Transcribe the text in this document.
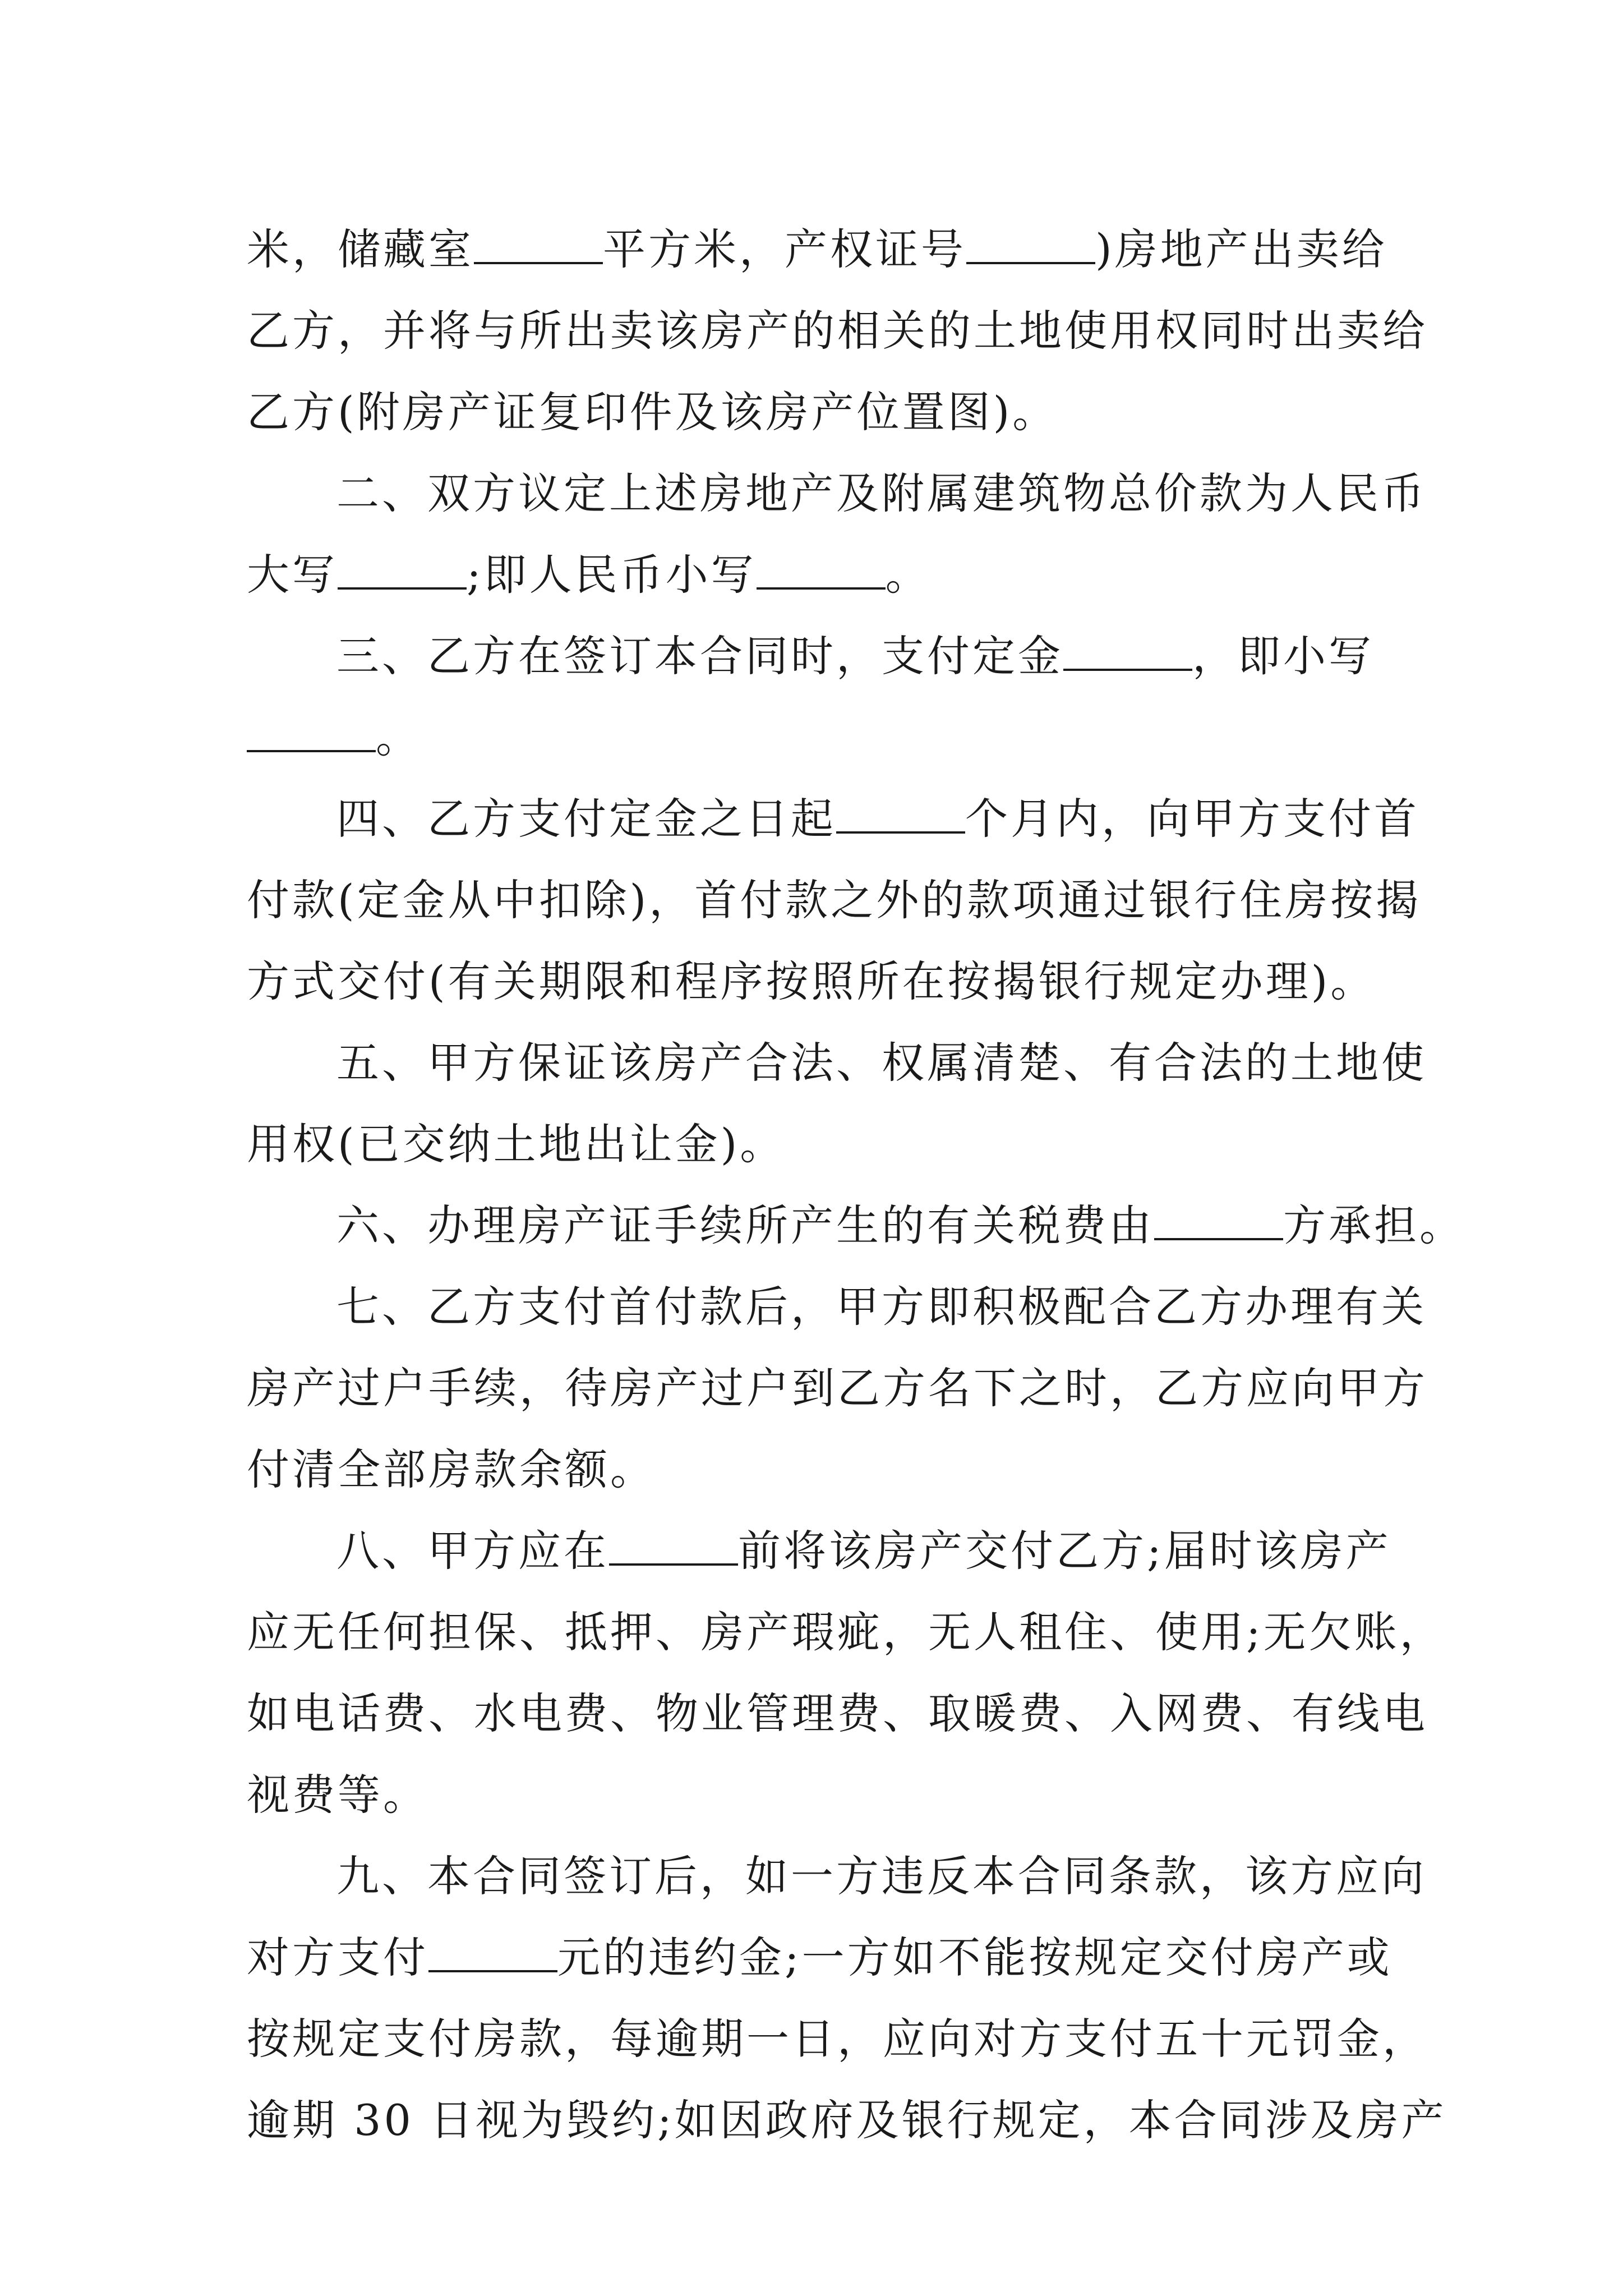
米，储藏室	平方米，产权证号	)房地产出卖给
乙方，并将与所出卖该房产的相关的土地使用权同时出卖给
乙方(附房产证复印件及该房产位置图)。
二、双方议定上述房地产及附属建筑物总价款为人民币
大写	;即人民币小写	。
三、乙方在签订本合同时，支付定金	，即小写
。
四、乙方支付定金之日起	个月内，向甲方支付首
付款(定金从中扣除)，首付款之外的款项通过银行住房按揭
方式交付(有关期限和程序按照所在按揭银行规定办理)。
五、甲方保证该房产合法、权属清楚、有合法的土地使
用权(已交纳土地出让金)。
六、办理房产证手续所产生的有关税费由	方承担。
七、乙方支付首付款后，甲方即积极配合乙方办理有关
房产过户手续，待房产过户到乙方名下之时，乙方应向甲方
付清全部房款余额。
八、甲方应在	前将该房产交付乙方;届时该房产
应无任何担保、抵押、房产瑕疵，无人租住、使用;无欠账，
如电话费、水电费、物业管理费、取暖费、入网费、有线电
视费等。
九、本合同签订后，如一方违反本合同条款，该方应向
对方支付	元的违约金;一方如不能按规定交付房产或
按规定支付房款，每逾期一日，应向对方支付五十元罚金，
逾期 30 日视为毁约;如因政府及银行规定，本合同涉及房产
